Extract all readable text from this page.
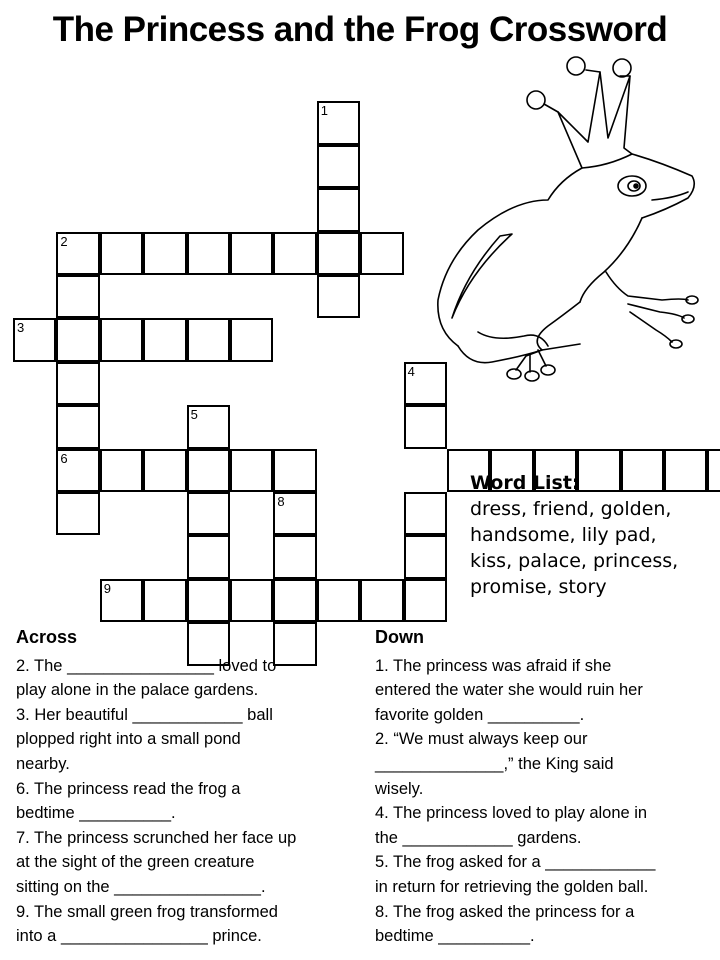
The Princess and the Frog Crossword
1
2
6
3
4
5
8
9
Word List:
dress, friend, golden,
handsome, lily pad,
kiss, palace, princess,
promise, story
Across

2. The ________________ loved to

play alone in the palace gardens.

3. Her beautiful ____________ ball

plopped right into a small pond

nearby.

6. The princess read the frog a

bedtime __________.

7. The princess scrunched her face up

at the sight of the green creature

sitting on the ________________.

9. The small green frog transformed

into a ________________ prince.

Down

1. The princess was afraid if she

entered the water she would ruin her

favorite golden __________.

2. “We must always keep our

______________,” the King said

wisely.

4. The princess loved to play alone in

the ____________ gardens.

5. The frog asked for a ____________

in return for retrieving the golden ball.

8. The frog asked the princess for a

bedtime __________.
